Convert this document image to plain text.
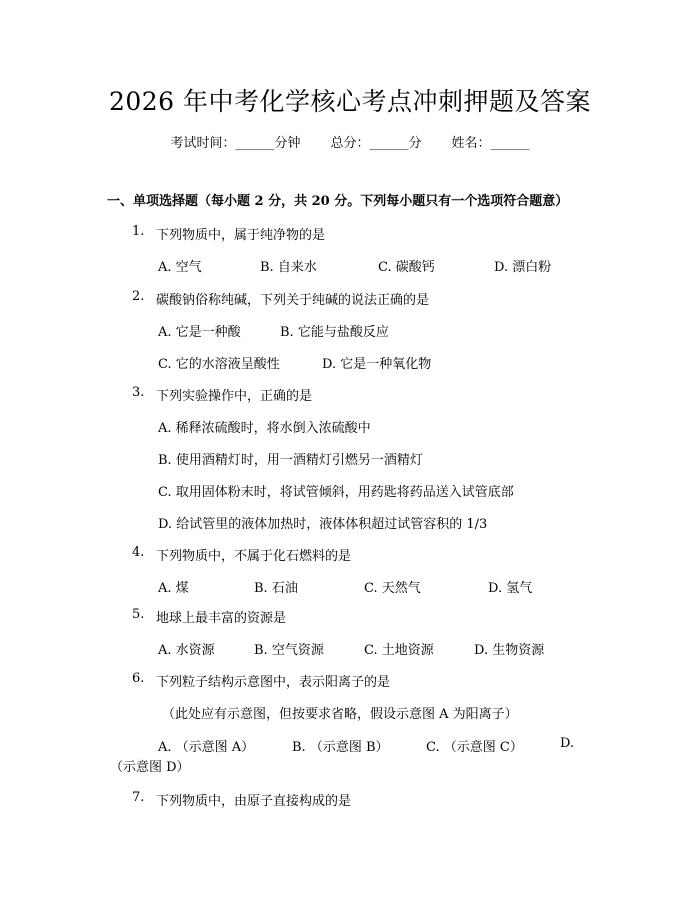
2026 年中考化学核心考点冲刺押题及答案
考试时间：______分钟 总分：______分 姓名：______
一、单项选择题（每小题 2 分，共 20 分。下列每小题只有一个选项符合题意）
1. 下列物质中，属于纯净物的是
A. 空气	B. 自来水	C. 碳酸钙	D. 漂白粉
2. 碳酸钠俗称纯碱，下列关于纯碱的说法正确的是
A. 它是一种酸	B. 它能与盐酸反应
C. 它的水溶液呈酸性	D. 它是一种氧化物
3. 下列实验操作中，正确的是
A. 稀释浓硫酸时，将水倒入浓硫酸中
B. 使用酒精灯时，用一酒精灯引燃另一酒精灯
C. 取用固体粉末时，将试管倾斜，用药匙将药品送入试管底部
D. 给试管里的液体加热时，液体体积超过试管容积的 1/3
4. 下列物质中，不属于化石燃料的是
A. 煤	B. 石油	C. 天然气	D. 氢气
5. 地球上最丰富的资源是
A. 水资源	B. 空气资源	C. 土地资源	D. 生物资源
6. 下列粒子结构示意图中，表示阳离子的是
（此处应有示意图，但按要求省略，假设示意图 A 为阳离子）
A. （示意图 A）	B. （示意图 B）	C. （示意图 C）	D.
（示意图 D）
7. 下列物质中，由原子直接构成的是
